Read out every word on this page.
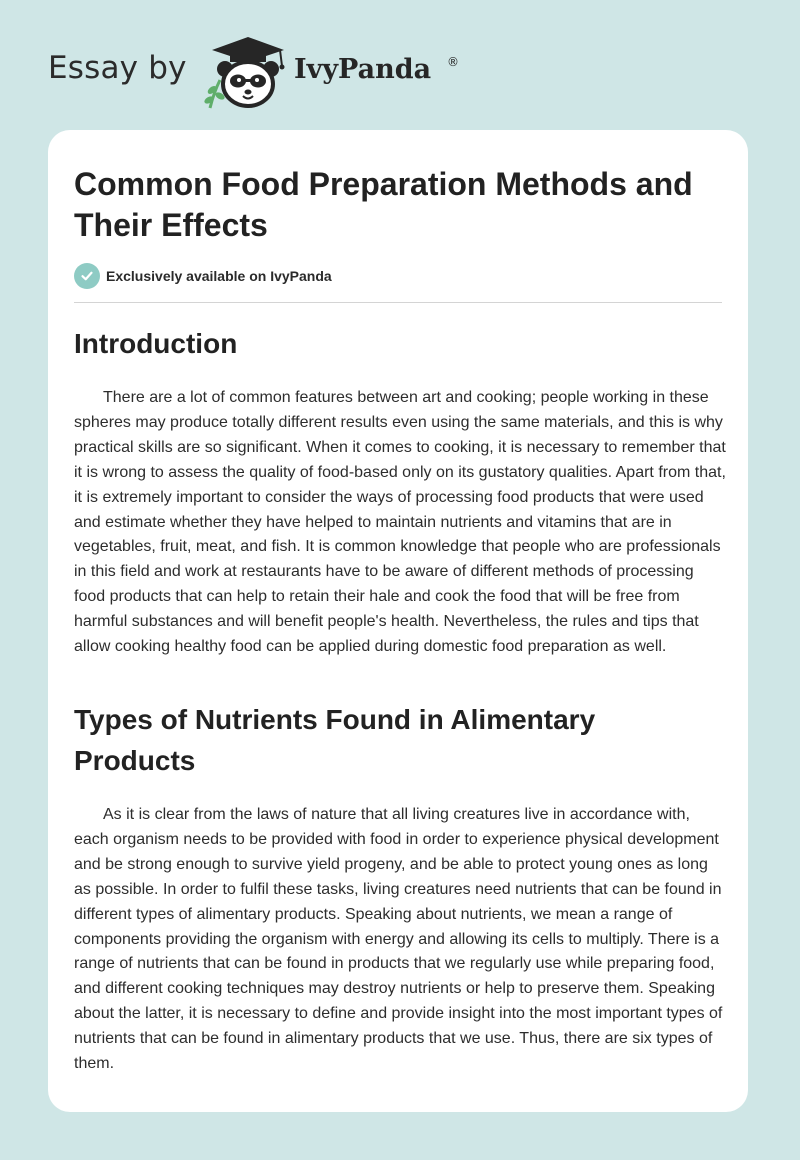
Essay by	IvyPanda ®
Common Food Preparation Methods and Their Effects
Exclusively available on IvyPanda
Introduction

There are a lot of common features between art and cooking; people working in these spheres may produce totally different results even using the same materials, and this is why practical skills are so significant. When it comes to cooking, it is necessary to remember that it is wrong to assess the quality of food-based only on its gustatory qualities. Apart from that, it is extremely important to consider the ways of processing food products that were used and estimate whether they have helped to maintain nutrients and vitamins that are in vegetables, fruit, meat, and fish. It is common knowledge that people who are professionals in this field and work at restaurants have to be aware of different methods of processing food products that can help to retain their hale and cook the food that will be free from harmful substances and will benefit people's health. Nevertheless, the rules and tips that allow cooking healthy food can be applied during domestic food preparation as well.

Types of Nutrients Found in Alimentary Products

As it is clear from the laws of nature that all living creatures live in accordance with, each organism needs to be provided with food in order to experience physical development and be strong enough to survive yield progeny, and be able to protect young ones as long as possible. In order to fulfil these tasks, living creatures need nutrients that can be found in different types of alimentary products. Speaking about nutrients, we mean a range of components providing the organism with energy and allowing its cells to multiply. There is a range of nutrients that can be found in products that we regularly use while preparing food, and different cooking techniques may destroy nutrients or help to preserve them. Speaking about the latter, it is necessary to define and provide insight into the most important types of nutrients that can be found in alimentary products that we use. Thus, there are six types of them.
